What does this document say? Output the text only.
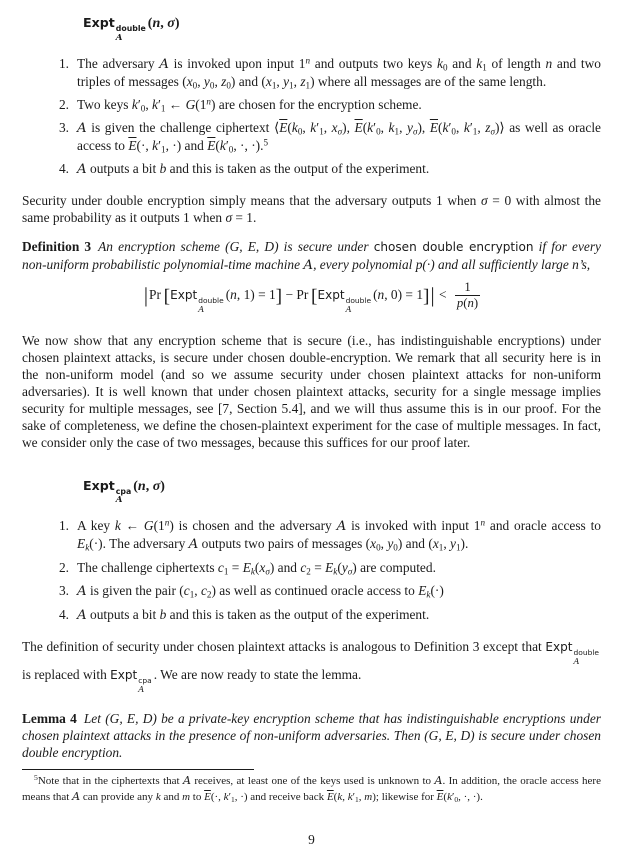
Expt double
A
(n, σ)
1. The adversary A is invoked upon input 1$^n$ and outputs two keys $k_0$ and $k_1$ of length n and two triples of messages ($x_0$, $y_0$, $z_0$) and ($x_1$, $y_1$, $z_1$) where all messages are of the same length.
2. Two keys $k'_0$, $k'_1$ ← G(1$^n$) are chosen for the encryption scheme.
3. A is given the challenge ciphertext $⟨\overline{E}(k_0$, $k'_1$, $x_\sigma$), $\overline{E}(k'_0$, $k_1$, $y_\sigma$), $\overline{E}(k'_0$, $k'_1$, $z_\sigma)⟩$ as well as oracle access to $\overline{E}(\cdot$, $k'_1$, ·) and $\overline{E}(k'_0$, ·, ·).$^5$
4. A outputs a bit b and this is taken as the output of the experiment.

Security under double encryption simply means that the adversary outputs 1 when σ = 0 with almost the same probability as it outputs 1 when σ = 1.

Definition 3 An encryption scheme (G, E, D) is secure under chosen double encryption if for every non-uniform probabilistic polynomial-time machine A, every polynomial p(·) and all sufficiently large n’s,

|Pr  [Expt double
A
(n, 1) = 1] − Pr  [Expt double
A
(n, $0) = 1]| < \frac{1}{p(n)}$

We now show that any encryption scheme that is secure (i.e., has indistinguishable encryptions) under chosen plaintext attacks, is secure under chosen double-encryption. We remark that all security here is in the non-uniform model (and so we assume security under chosen plaintext attacks for non-uniform adversaries). It is well known that under chosen plaintext attacks, security for a single message implies security for multiple messages, see [7, Section 5.4], and we will thus assume this is in our proof. For the sake of completeness, we define the chosen-plaintext experiment for the case of multiple messages. In fact, we consider only the case of two messages, because this suffices for our proof later.

Expt cpa
A
(n, σ)
1. A key k ← G(1$^n$) is chosen and the adversary A is invoked with input 1$^n$ and oracle access to $E_k(\cdot)$. The adversary A outputs two pairs of messages ($x_0$, $y_0$) and ($x_1$, $y_1$).
2. The challenge ciphertexts $c_1 = E_k(x_\sigma)$ and $c_2 = E_k(y_\sigma)$ are computed.
3. A is given the pair ($c_1$, $c_2$) as well as continued oracle access to $E_k(\cdot)$
4. A outputs a bit b and this is taken as the output of the experiment.

The definition of security under chosen plaintext attacks is analogous to Definition 3 except that Expt double
A
is replaced with Expt cpa
A
. We are now ready to state the lemma.

Lemma 4 Let (G, E, D) be a private-key encryption scheme that has indistinguishable encryptions under chosen plaintext attacks in the presence of non-uniform adversaries. Then (G, E, D) is secure under chosen double encryption.

$^5$Note that in the ciphertexts that A receives, at least one of the keys used is unknown to A. In addition, the oracle access here means that A can provide any k and m to $\overline{E}(\cdot$, $k'_1$, ·) and receive back $\overline{E}(k$, $k'_1$, m); likewise for $\overline{E}(k'_0$, ·, ·).

9
